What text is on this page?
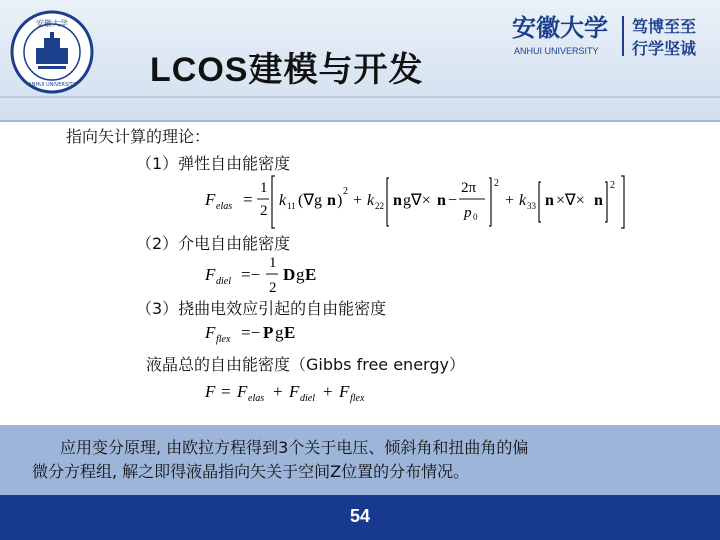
安徽大学
ANHUI UNIVERSITY LCOS建模与开发
安徽大学
ANHUI UNIVERSITY
笃博至至
行学坚诚
指向矢计算的理论：
（1）弹性自由能密度
F elas =
1
2
k 11 (∇g n )
2
+ k 22 n g∇× n −
2π
p 0
2
+ k 33 n ×∇× n
2
（2）介电自由能密度
F diel =−
1
2
D g E
（3）挠曲电效应引起的自由能密度
F flex =− P g E
液晶总的自由能密度（Gibbs free energy）
F = F elas + F diel + F flex
应用变分原理, 由欧拉方程得到3个关于电压、倾斜角和扭曲角的偏
微分方程组, 解之即得液晶指向矢关于空间Z位置的分布情况。
54
